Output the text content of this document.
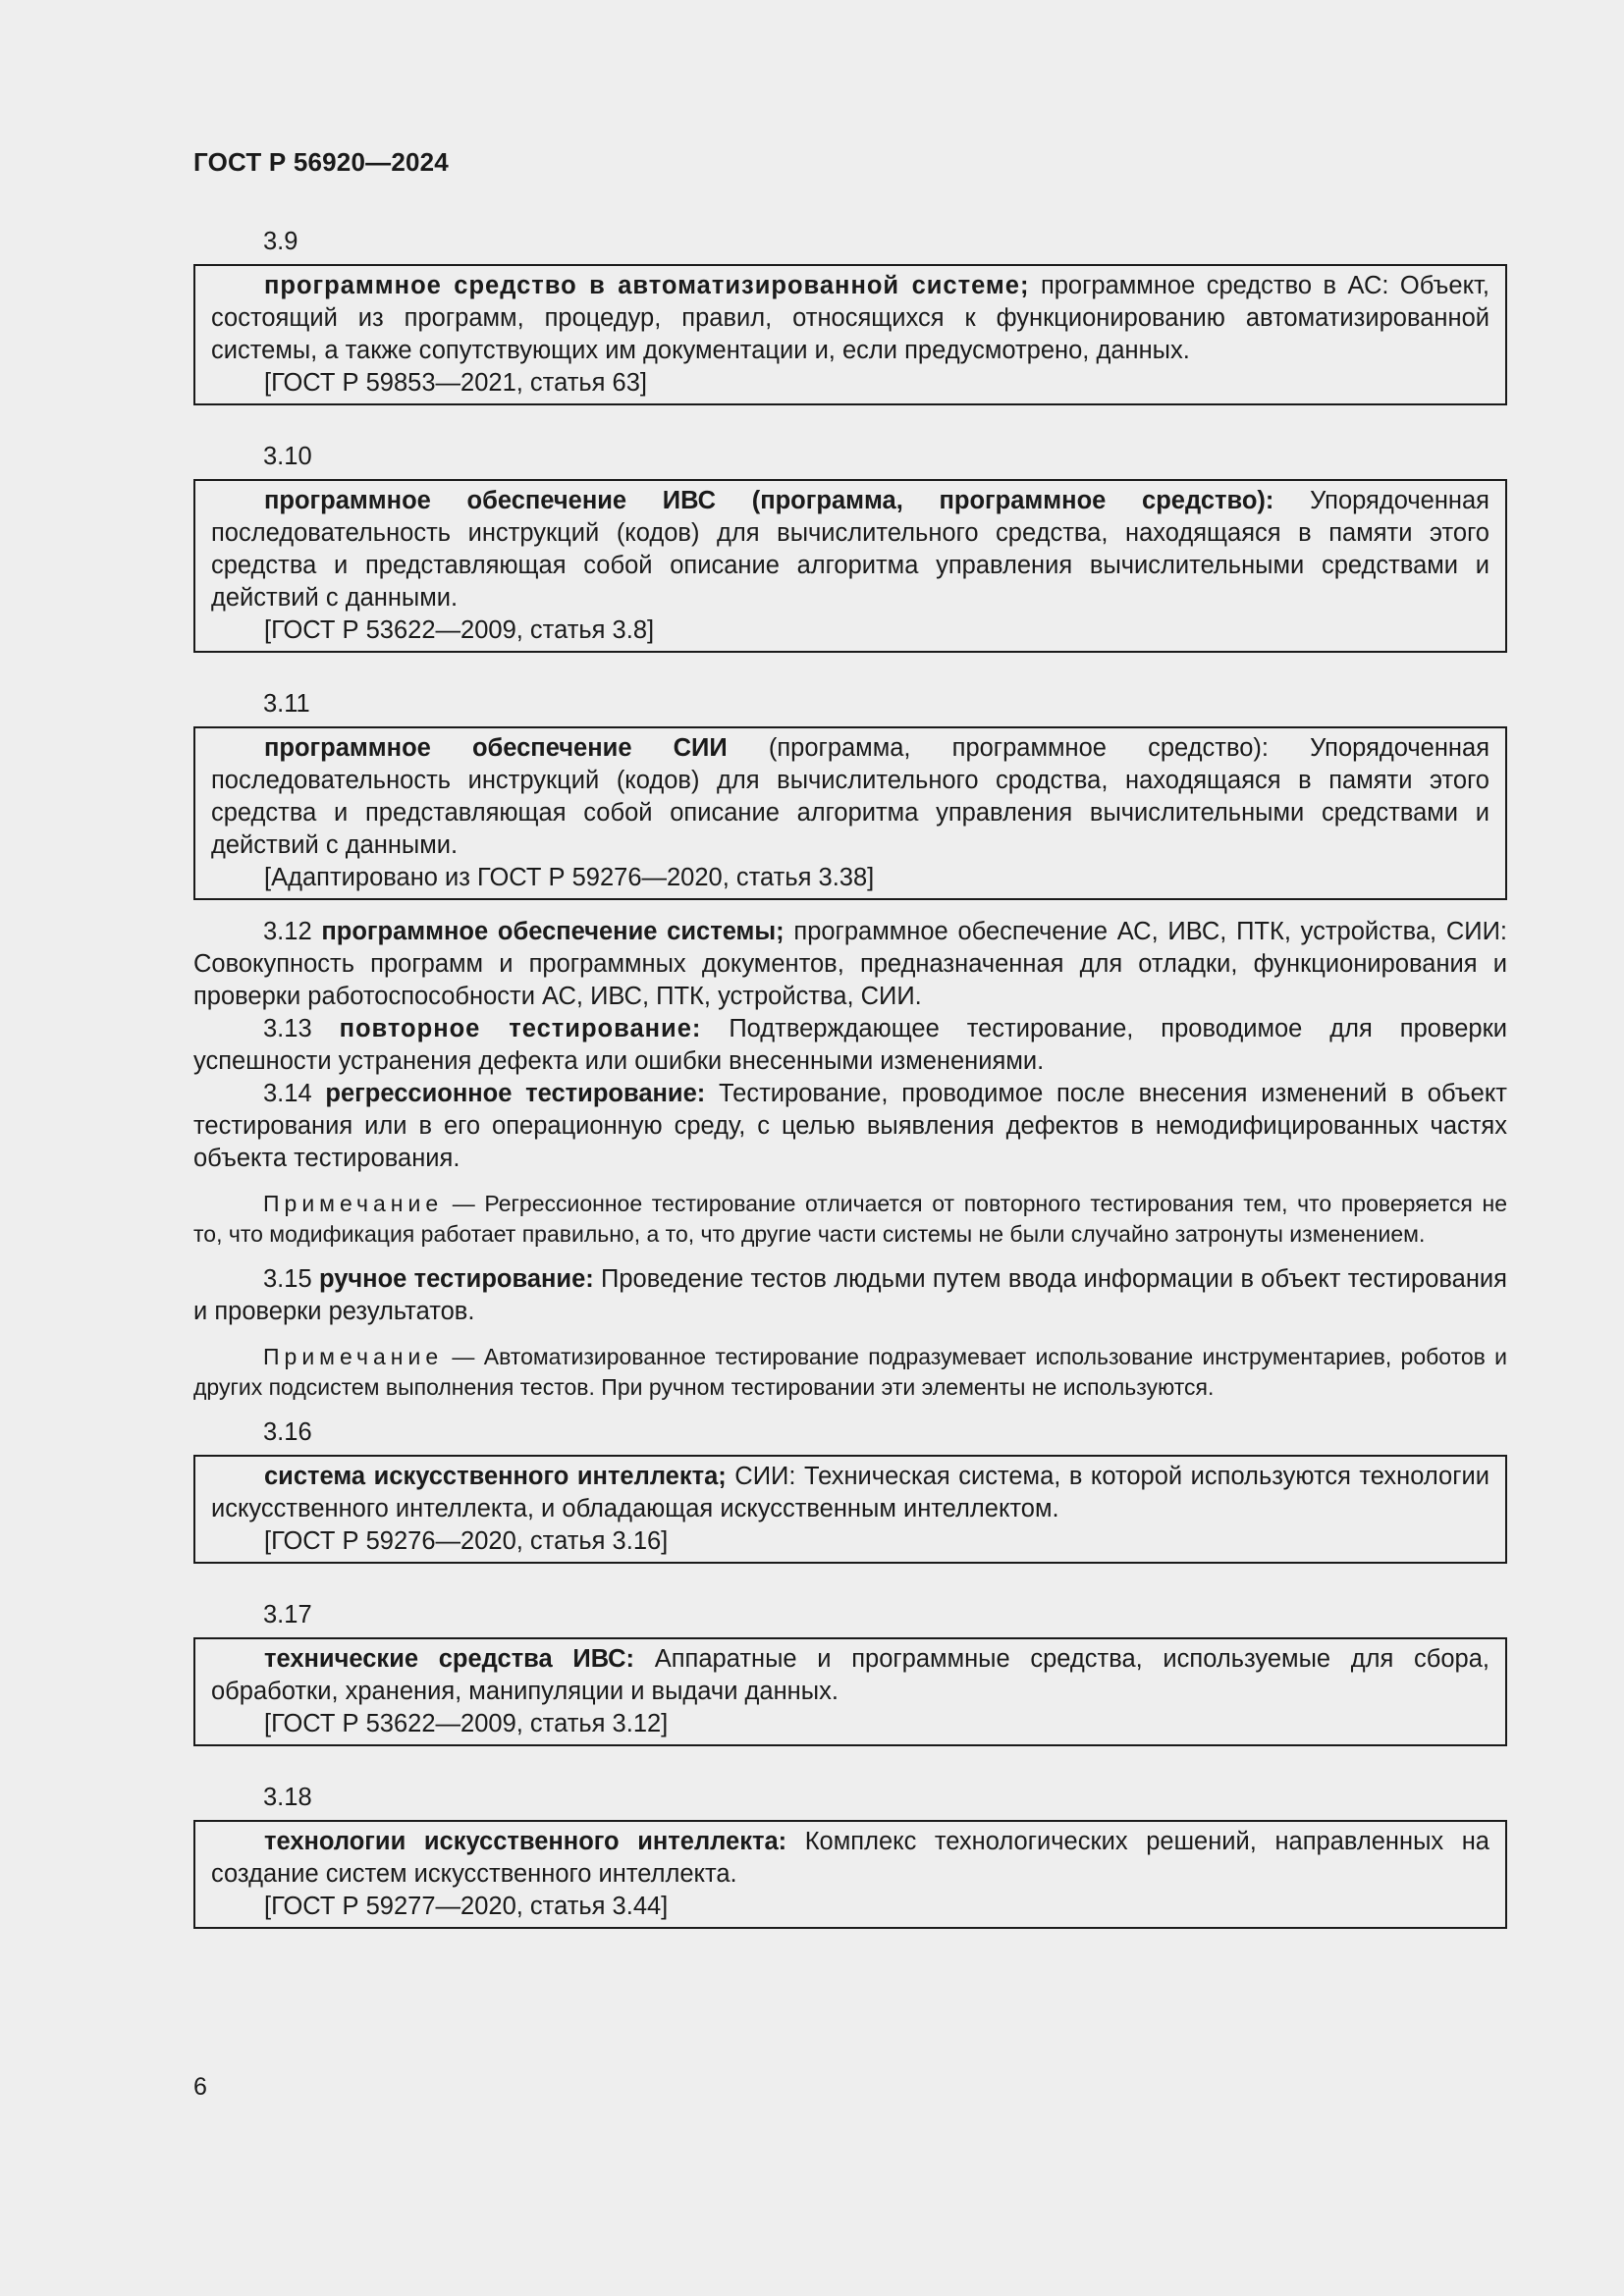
ГОСТ Р 56920—2024
3.9

программное средство в автоматизированной системе; программное средство в АС: Объект, состоящий из программ, процедур, правил, относящихся к функционированию автоматизированной системы, а также сопутствующих им документации и, если предусмотрено, данных.

[ГОСТ Р 59853—2021, статья 63]

3.10

программное обеспечение ИВС (программа, программное средство): Упорядоченная последовательность инструкций (кодов) для вычислительного средства, находящаяся в памяти этого средства и представляющая собой описание алгоритма управления вычислительными средствами и действий с данными.

[ГОСТ Р 53622—2009, статья 3.8]

3.11

программное обеспечение СИИ (программа, программное средство): Упорядоченная последовательность инструкций (кодов) для вычислительного сродства, находящаяся в памяти этого средства и представляющая собой описание алгоритма управления вычислительными средствами и действий с данными.

[Адаптировано из ГОСТ Р 59276—2020, статья 3.38]

3.12 программное обеспечение системы; программное обеспечение АС, ИВС, ПТК, устройства, СИИ: Совокупность программ и программных документов, предназначенная для отладки, функционирования и проверки работоспособности АС, ИВС, ПТК, устройства, СИИ.

3.13 повторное тестирование: Подтверждающее тестирование, проводимое для проверки успешности устранения дефекта или ошибки внесенными изменениями.

3.14 регрессионное тестирование: Тестирование, проводимое после внесения изменений в объект тестирования или в его операционную среду, с целью выявления дефектов в немодифицированных частях объекта тестирования.

Примечание — Регрессионное тестирование отличается от повторного тестирования тем, что проверяется не то, что модификация работает правильно, а то, что другие части системы не были случайно затронуты изменением.

3.15 ручное тестирование: Проведение тестов людьми путем ввода информации в объект тестирования и проверки результатов.

Примечание — Автоматизированное тестирование подразумевает использование инструментариев, роботов и других подсистем выполнения тестов. При ручном тестировании эти элементы не используются.

3.16

система искусственного интеллекта; СИИ: Техническая система, в которой используются технологии искусственного интеллекта, и обладающая искусственным интеллектом.

[ГОСТ Р 59276—2020, статья 3.16]

3.17

технические средства ИВС: Аппаратные и программные средства, используемые для сбора, обработки, хранения, манипуляции и выдачи данных.

[ГОСТ Р 53622—2009, статья 3.12]

3.18

технологии искусственного интеллекта: Комплекс технологических решений, направленных на создание систем искусственного интеллекта.

[ГОСТ Р 59277—2020, статья 3.44]

6
